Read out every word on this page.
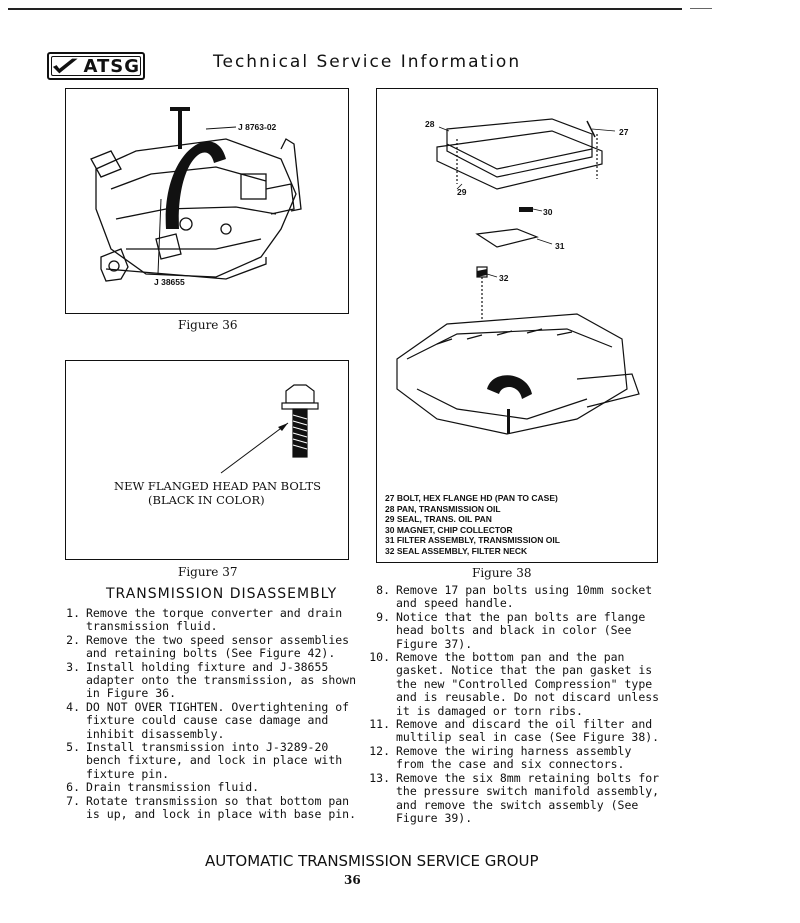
ATSG	Technical Service Information
J 8763-02
J 38655
Figure 36
NEW FLANGED HEAD PAN BOLTS
(BLACK IN COLOR)
Figure 37
28
27
29
30
31
32
27 BOLT, HEX FLANGE HD (PAN TO CASE)
28 PAN, TRANSMISSION OIL
29 SEAL, TRANS. OIL PAN
30 MAGNET, CHIP COLLECTOR
31 FILTER ASSEMBLY, TRANSMISSION OIL
32 SEAL ASSEMBLY, FILTER NECK
Figure 38
TRANSMISSION DISASSEMBLY
1. Remove the torque converter and drain transmission fluid.
2. Remove the two speed sensor assemblies and retaining bolts (See Figure 42).
3. Install holding fixture and J-38655 adapter onto the transmission, as shown in Figure 36.
4. DO NOT OVER TIGHTEN. Overtightening of fixture could cause case damage and inhibit disassembly.
5. Install transmission into J-3289-20 bench fixture, and lock in place with fixture pin.
6. Drain transmission fluid.
7. Rotate transmission so that bottom pan is up, and lock in place with base pin.
8. Remove 17 pan bolts using 10mm socket and speed handle.
9. Notice that the pan bolts are flange head bolts and black in color (See Figure 37).
10. Remove the bottom pan and the pan gasket. Notice that the pan gasket is the new "Controlled Compression" type and is reusable. Do not discard unless it is damaged or torn ribs.
11. Remove and discard the oil filter and multilip seal in case (See Figure 38).
12. Remove the wiring harness assembly from the case and six connectors.
13. Remove the six 8mm retaining bolts for the pressure switch manifold assembly, and remove the switch assembly (See Figure 39).
AUTOMATIC TRANSMISSION SERVICE GROUP
36
